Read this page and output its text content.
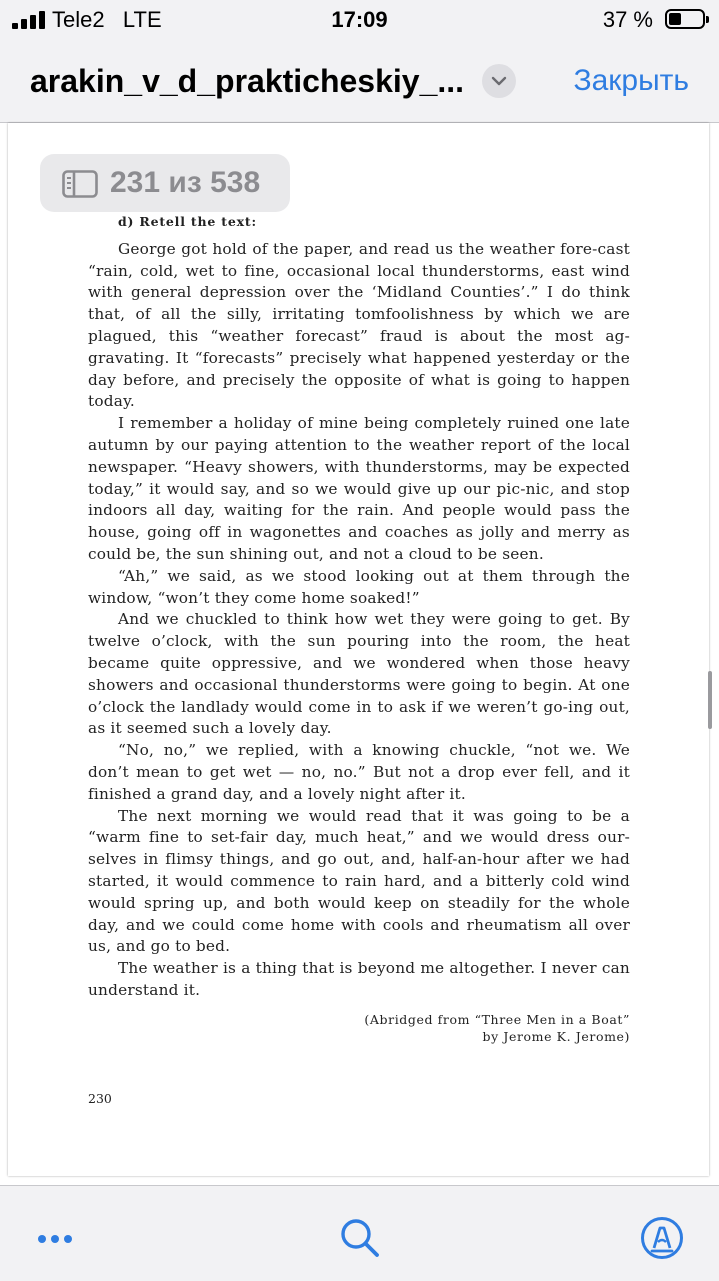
Tele2   LTE	17:09	37 %
arakin_v_d_prakticheskiy_...	Закрыть
d) Retell the text:

George got hold of the paper, and read us the weather fore-cast “rain, cold, wet to fine, occasional local thunderstorms, east wind with general depression over the ‘Midland Counties’.” I do think that, of all the silly, irritating tomfoolishness by which we are plagued, this “weather forecast” fraud is about the most ag-gravating. It “forecasts” precisely what happened yesterday or the day before, and precisely the opposite of what is going to happen today.

I remember a holiday of mine being completely ruined one late autumn by our paying attention to the weather report of the local newspaper. “Heavy showers, with thunderstorms, may be expected today,” it would say, and so we would give up our pic-nic, and stop indoors all day, waiting for the rain. And people would pass the house, going off in wagonettes and coaches as jolly and merry as could be, the sun shining out, and not a cloud to be seen.

“Ah,” we said, as we stood looking out at them through the window, “won’t they come home soaked!”

And we chuckled to think how wet they were going to get. By twelve o’clock, with the sun pouring into the room, the heat became quite oppressive, and we wondered when those heavy showers and occasional thunderstorms were going to begin. At one o’clock the landlady would come in to ask if we weren’t go-ing out, as it seemed such a lovely day.

“No, no,” we replied, with a knowing chuckle, “not we. We don’t mean to get wet — no, no.” But not a drop ever fell, and it finished a grand day, and a lovely night after it.

The next morning we would read that it was going to be a “warm fine to set-fair day, much heat,” and we would dress our-selves in flimsy things, and go out, and, half-an-hour after we had started, it would commence to rain hard, and a bitterly cold wind would spring up, and both would keep on steadily for the whole day, and we could come home with cools and rheumatism all over us, and go to bed.

The weather is a thing that is beyond me altogether. I never can understand it.

(Abridged from “Three Men in a Boat”
by Jerome K. Jerome)
230
231 из 538
